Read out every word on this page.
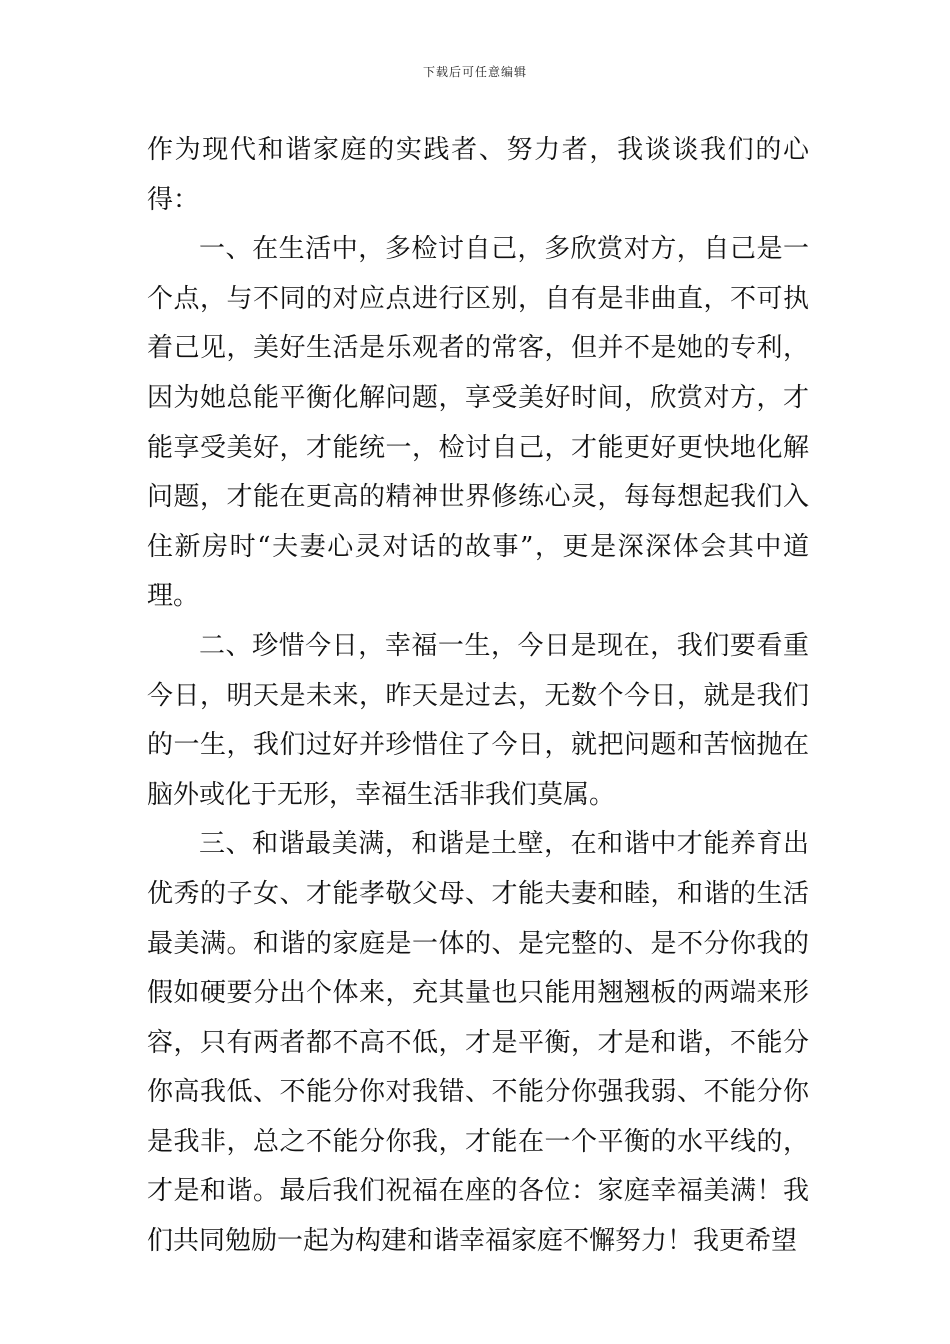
下载后可任意编辑

作为现代和谐家庭的实践者、努力者，我谈谈我们的心得：

一、在生活中，多检讨自己，多欣赏对方，自己是一个点，与不同的对应点进行区别，自有是非曲直，不可执着己见，美好生活是乐观者的常客，但并不是她的专利，因为她总能平衡化解问题，享受美好时间，欣赏对方，才能享受美好，才能统一，检讨自己，才能更好更快地化解问题，才能在更高的精神世界修练心灵，每每想起我们入住新房时“夫妻心灵对话的故事”，更是深深体会其中道理。

二、珍惜今日，幸福一生，今日是现在，我们要看重今日，明天是未来，昨天是过去，无数个今日，就是我们的一生，我们过好并珍惜住了今日，就把问题和苦恼抛在脑外或化于无形，幸福生活非我们莫属。

三、和谐最美满，和谐是土壁，在和谐中才能养育出优秀的子女、才能孝敬父母、才能夫妻和睦，和谐的生活最美满。和谐的家庭是一体的、是完整的、是不分你我的假如硬要分出个体来，充其量也只能用翘翘板的两端来形容，只有两者都不高不低，才是平衡，才是和谐，不能分你高我低、不能分你对我错、不能分你强我弱、不能分你是我非，总之不能分你我，才能在一个平衡的水平线的，才是和谐。最后我们祝福在座的各位：家庭幸福美满！我们共同勉励一起为构建和谐幸福家庭不懈努力！我更希望
